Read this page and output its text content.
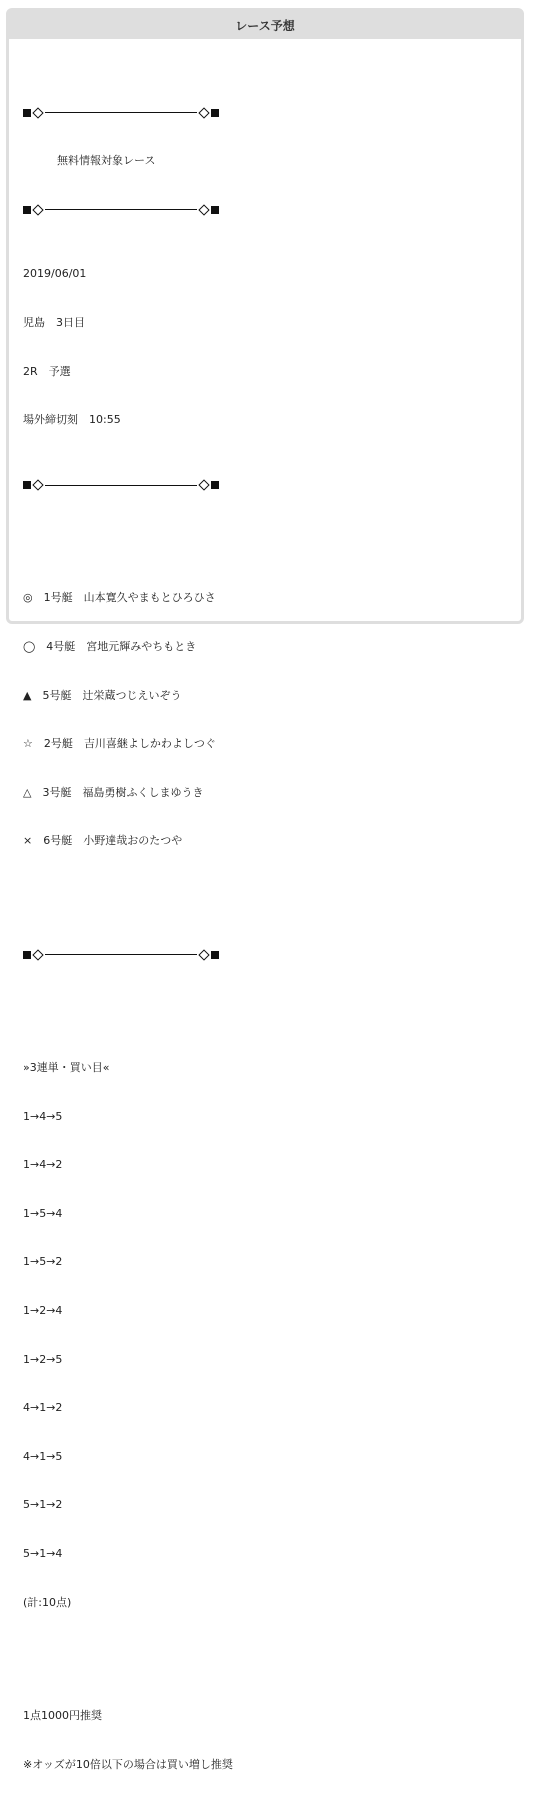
レース予想

無料情報対象レース

2019/06/01

児島　3日目

2R　予選

場外締切刻　10:55

◎　1号艇　山本寛久やまもとひろひさ

◯　4号艇　宮地元輝みやちもとき

▲　5号艇　辻栄蔵つじえいぞう

☆　2号艇　吉川喜継よしかわよしつぐ

△　3号艇　福島勇樹ふくしまゆうき

×　6号艇　小野達哉おのたつや

»3連単・買い目«

1→4→5

1→4→2

1→5→4

1→5→2

1→2→4

1→2→5

4→1→2

4→1→5

5→1→2

5→1→4

(計:10点)

1点1000円推奨

※オッズが10倍以下の場合は買い増し推奨
